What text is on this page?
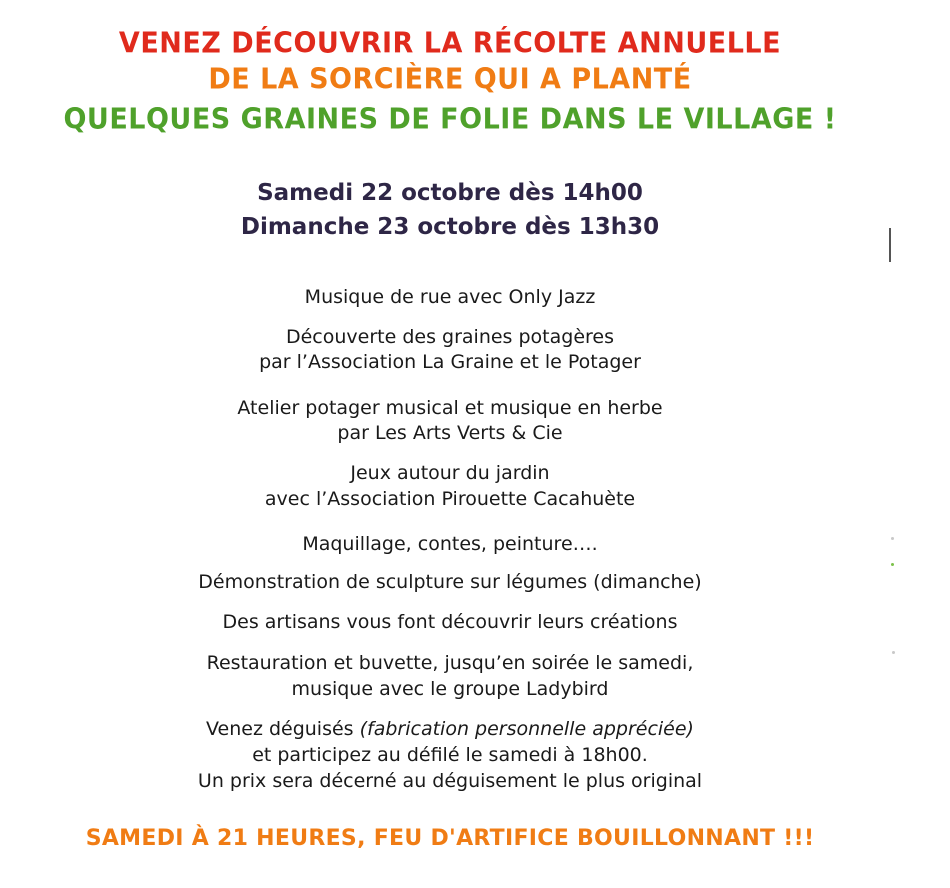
VENEZ DÉCOUVRIR LA RÉCOLTE ANNUELLE
DE LA SORCIÈRE QUI A PLANTÉ
QUELQUES GRAINES DE FOLIE DANS LE VILLAGE !
Samedi 22 octobre dès 14h00
Dimanche 23 octobre dès 13h30
Musique de rue avec Only Jazz
Découverte des graines potagères
par l’Association La Graine et le Potager
Atelier potager musical et musique en herbe
par Les Arts Verts & Cie
Jeux autour du jardin
avec l’Association Pirouette Cacahuète
Maquillage, contes, peinture….
Démonstration de sculpture sur légumes (dimanche)
Des artisans vous font découvrir leurs créations
Restauration et buvette, jusqu’en soirée le samedi,
musique avec le groupe Ladybird
Venez déguisés (fabrication personnelle appréciée)
et participez au défilé le samedi à 18h00.
Un prix sera décerné au déguisement le plus original
SAMEDI À 21 HEURES, FEU D'ARTIFICE BOUILLONNANT !!!
